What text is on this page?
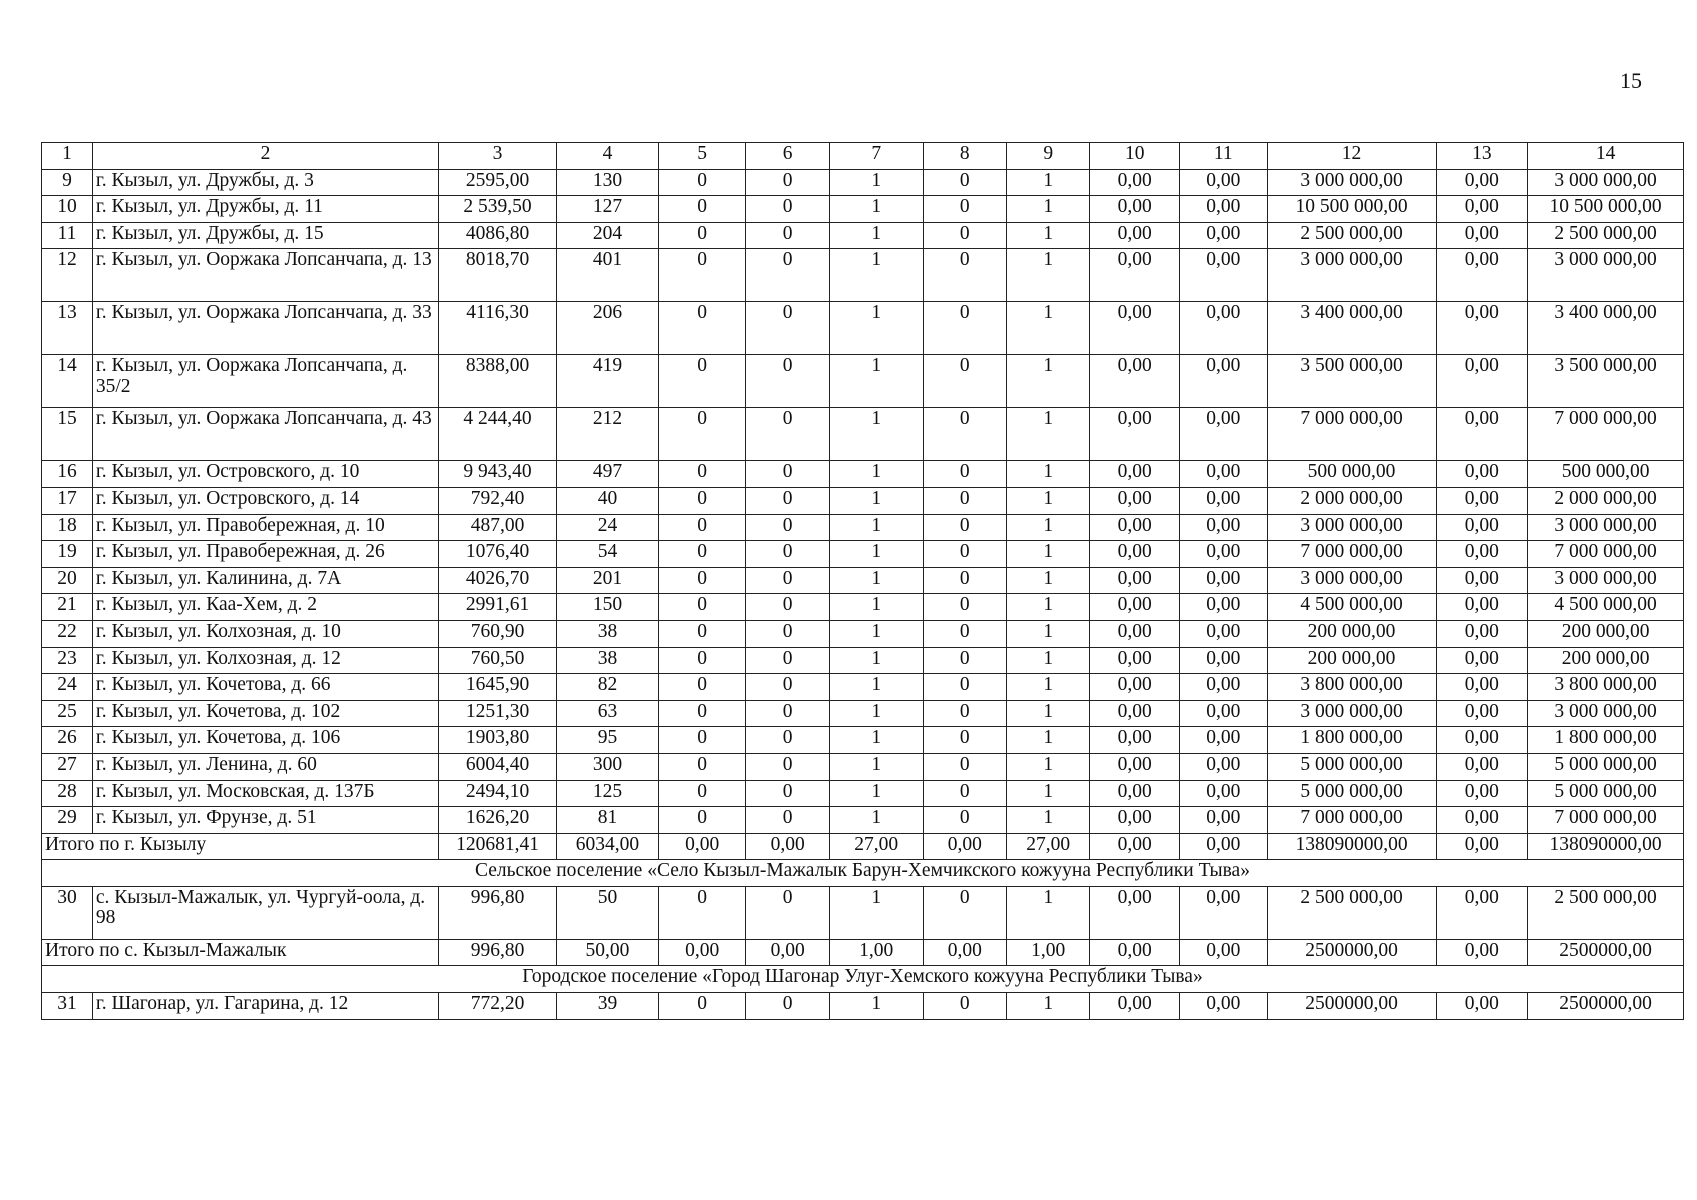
15
1	2	3	4	5	6	7	8	9	10	11	12	13	14
9	г. Кызыл, ул. Дружбы, д. 3	2595,00	130	0	0	1	0	1	0,00	0,00	3 000 000,00	0,00	3 000 000,00
10	г. Кызыл, ул. Дружбы, д. 11	2 539,50	127	0	0	1	0	1	0,00	0,00	10 500 000,00	0,00	10 500 000,00
11	г. Кызыл, ул. Дружбы, д. 15	4086,80	204	0	0	1	0	1	0,00	0,00	2 500 000,00	0,00	2 500 000,00
12	г. Кызыл, ул. Ооржака Лопсанчапа, д. 13	8018,70	401	0	0	1	0	1	0,00	0,00	3 000 000,00	0,00	3 000 000,00
13	г. Кызыл, ул. Ооржака Лопсанчапа, д. 33	4116,30	206	0	0	1	0	1	0,00	0,00	3 400 000,00	0,00	3 400 000,00
14	г. Кызыл, ул. Ооржака Лопсанчапа, д. 35/2	8388,00	419	0	0	1	0	1	0,00	0,00	3 500 000,00	0,00	3 500 000,00
15	г. Кызыл, ул. Ооржака Лопсанчапа, д. 43	4 244,40	212	0	0	1	0	1	0,00	0,00	7 000 000,00	0,00	7 000 000,00
16	г. Кызыл, ул. Островского, д. 10	9 943,40	497	0	0	1	0	1	0,00	0,00	500 000,00	0,00	500 000,00
17	г. Кызыл, ул. Островского, д. 14	792,40	40	0	0	1	0	1	0,00	0,00	2 000 000,00	0,00	2 000 000,00
18	г. Кызыл, ул. Правобережная, д. 10	487,00	24	0	0	1	0	1	0,00	0,00	3 000 000,00	0,00	3 000 000,00
19	г. Кызыл, ул. Правобережная, д. 26	1076,40	54	0	0	1	0	1	0,00	0,00	7 000 000,00	0,00	7 000 000,00
20	г. Кызыл, ул. Калинина, д. 7А	4026,70	201	0	0	1	0	1	0,00	0,00	3 000 000,00	0,00	3 000 000,00
21	г. Кызыл, ул. Каа-Хем, д. 2	2991,61	150	0	0	1	0	1	0,00	0,00	4 500 000,00	0,00	4 500 000,00
22	г. Кызыл, ул. Колхозная, д. 10	760,90	38	0	0	1	0	1	0,00	0,00	200 000,00	0,00	200 000,00
23	г. Кызыл, ул. Колхозная, д. 12	760,50	38	0	0	1	0	1	0,00	0,00	200 000,00	0,00	200 000,00
24	г. Кызыл, ул. Кочетова, д. 66	1645,90	82	0	0	1	0	1	0,00	0,00	3 800 000,00	0,00	3 800 000,00
25	г. Кызыл, ул. Кочетова, д. 102	1251,30	63	0	0	1	0	1	0,00	0,00	3 000 000,00	0,00	3 000 000,00
26	г. Кызыл, ул. Кочетова, д. 106	1903,80	95	0	0	1	0	1	0,00	0,00	1 800 000,00	0,00	1 800 000,00
27	г. Кызыл, ул. Ленина, д. 60	6004,40	300	0	0	1	0	1	0,00	0,00	5 000 000,00	0,00	5 000 000,00
28	г. Кызыл, ул. Московская, д. 137Б	2494,10	125	0	0	1	0	1	0,00	0,00	5 000 000,00	0,00	5 000 000,00
29	г. Кызыл, ул. Фрунзе, д. 51	1626,20	81	0	0	1	0	1	0,00	0,00	7 000 000,00	0,00	7 000 000,00
Итого по г. Кызылу		120681,41	6034,00	0,00	0,00	27,00	0,00	27,00	0,00	0,00	138090000,00	0,00	138090000,00
Сельское поселение «Село Кызыл-Мажалык Барун-Хемчикского кожууна Республики Тыва»													
30	с. Кызыл-Мажалык, ул. Чургуй-оола, д. 98	996,80	50	0	0	1	0	1	0,00	0,00	2 500 000,00	0,00	2 500 000,00
Итого по с. Кызыл-Мажалык		996,80	50,00	0,00	0,00	1,00	0,00	1,00	0,00	0,00	2500000,00	0,00	2500000,00
Городское поселение «Город Шагонар Улуг-Хемского кожууна Республики Тыва»													
31	г. Шагонар, ул. Гагарина, д. 12	772,20	39	0	0	1	0	1	0,00	0,00	2500000,00	0,00	2500000,00
